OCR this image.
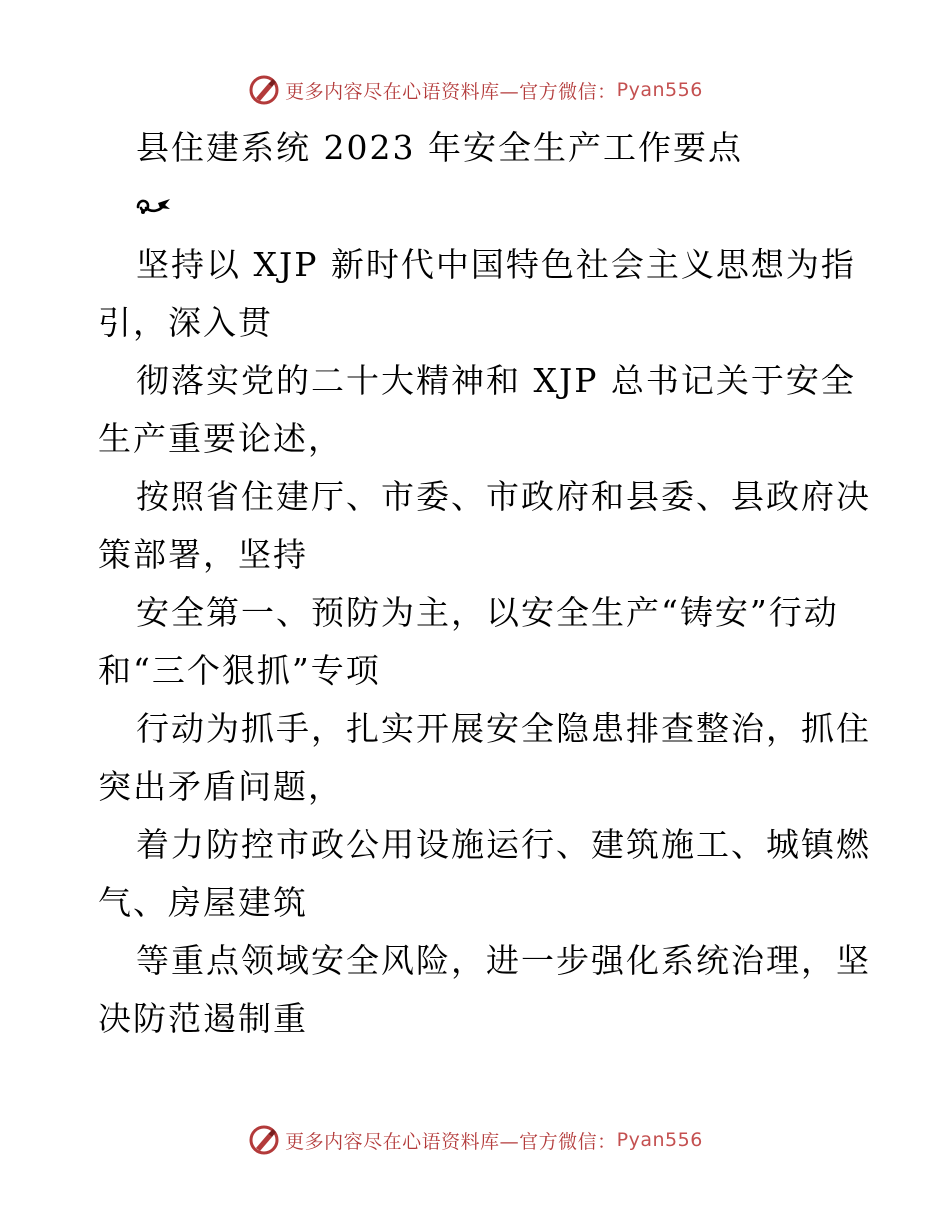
更多内容尽在心语资料库—官方微信： Pyan556
县住建系统 2023 年安全生产工作要点
坚持以 XJP 新时代中国特色社会主义思想为指
引，深入贯
彻落实党的二十大精神和 XJP 总书记关于安全
生产重要论述，
按照省住建厅、市委、市政府和县委、县政府决
策部署，坚持
安全第一、预防为主，以安全生产“铸安”行动
和“三个狠抓”专项
行动为抓手，扎实开展安全隐患排查整治，抓住
突出矛盾问题，
着力防控市政公用设施运行、建筑施工、城镇燃
气、房屋建筑
等重点领域安全风险，进一步强化系统治理，坚
决防范遏制重
更多内容尽在心语资料库—官方微信： Pyan556
